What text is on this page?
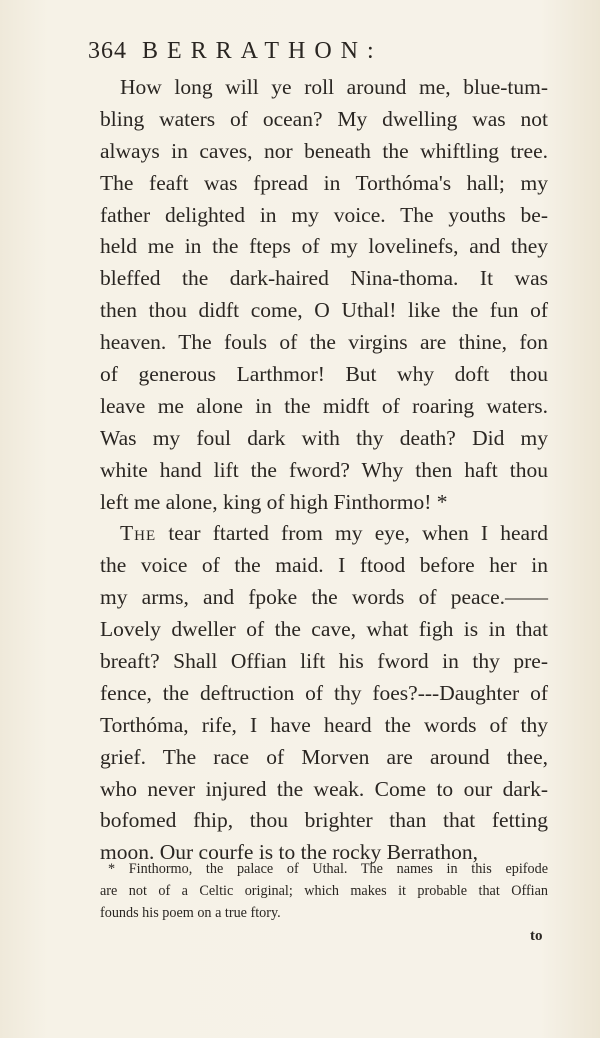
364 BERRATHON:
How long will ye roll around me, blue-tum-
bling waters of ocean? My dwelling was not
always in caves, nor beneath the whiftling tree.
The feaft was fpread in Torthóma's hall; my
father delighted in my voice. The youths be-
held me in the fteps of my lovelinefs, and they
bleffed the dark-haired Nina-thoma. It was
then thou didft come, O Uthal! like the fun of
heaven. The fouls of the virgins are thine, fon
of generous Larthmor! But why doft thou
leave me alone in the midft of roaring waters.
Was my foul dark with thy death? Did my
white hand lift the fword? Why then haft thou
left me alone, king of high Finthormo! *
The tear ftarted from my eye, when I heard
the voice of the maid. I ftood before her in
my arms, and fpoke the words of peace.——
Lovely dweller of the cave, what figh is in that
breaft? Shall Offian lift his fword in thy pre-
fence, the deftruction of thy foes?---Daughter of
Torthóma, rife, I have heard the words of thy
grief. The race of Morven are around thee,
who never injured the weak. Come to our dark-
bofomed fhip, thou brighter than that fetting
moon. Our courfe is to the rocky Berrathon,
* Finthormo, the palace of Uthal. The names in this epifode
are not of a Celtic original; which makes it probable that Offian
founds his poem on a true ftory.
to
